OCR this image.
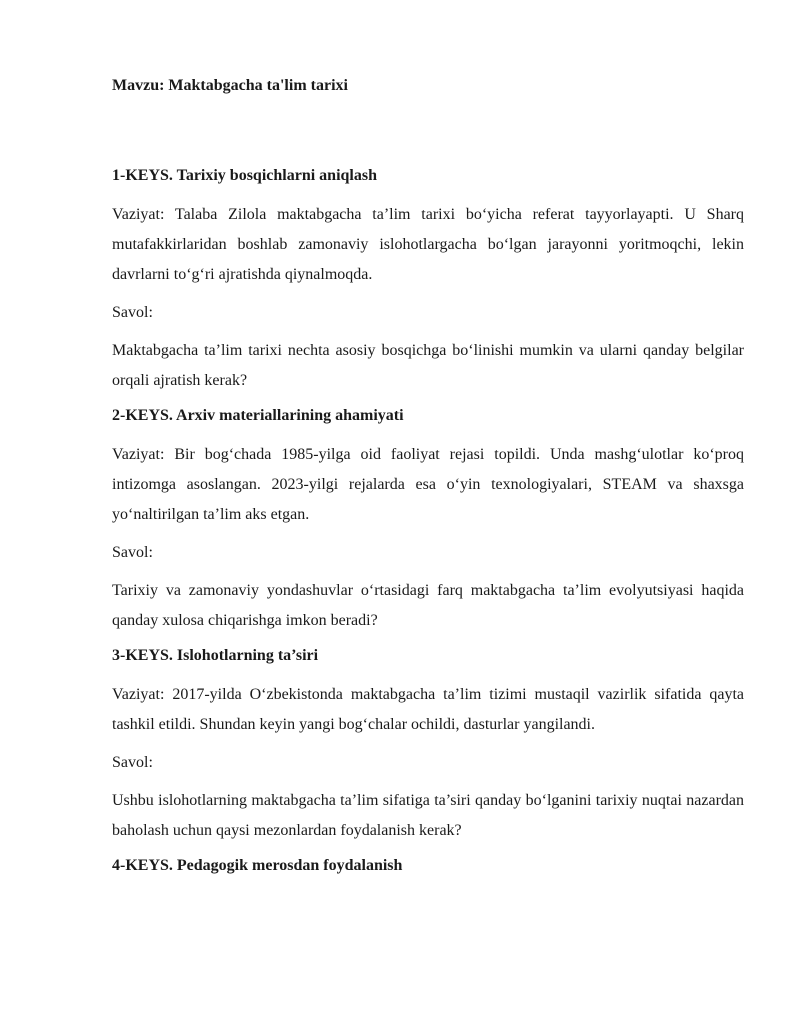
Mavzu: Maktabgacha ta'lim tarixi
1-KEYS. Tarixiy bosqichlarni aniqlash
Vaziyat: Talaba Zilola maktabgacha ta’lim tarixi bo‘yicha referat tayyorlayapti. U Sharq mutafakkirlaridan boshlab zamonaviy islohotlargacha bo‘lgan jarayonni yoritmoqchi, lekin davrlarni to‘g‘ri ajratishda qiynalmoqda.
Savol:
Maktabgacha ta’lim tarixi nechta asosiy bosqichga bo‘linishi mumkin va ularni qanday belgilar orqali ajratish kerak?
2-KEYS. Arxiv materiallarining ahamiyati
Vaziyat: Bir bog‘chada 1985-yilga oid faoliyat rejasi topildi. Unda mashg‘ulotlar ko‘proq intizomga asoslangan. 2023-yilgi rejalarda esa o‘yin texnologiyalari, STEAM va shaxsga yo‘naltirilgan ta’lim aks etgan.
Savol:
Tarixiy va zamonaviy yondashuvlar o‘rtasidagi farq maktabgacha ta’lim evolyutsiyasi haqida qanday xulosa chiqarishga imkon beradi?
3-KEYS. Islohotlarning ta’siri
Vaziyat: 2017-yilda O‘zbekistonda maktabgacha ta’lim tizimi mustaqil vazirlik sifatida qayta tashkil etildi. Shundan keyin yangi bog‘chalar ochildi, dasturlar yangilandi.
Savol:
Ushbu islohotlarning maktabgacha ta’lim sifatiga ta’siri qanday bo‘lganini tarixiy nuqtai nazardan baholash uchun qaysi mezonlardan foydalanish kerak?
4-KEYS. Pedagogik merosdan foydalanish
